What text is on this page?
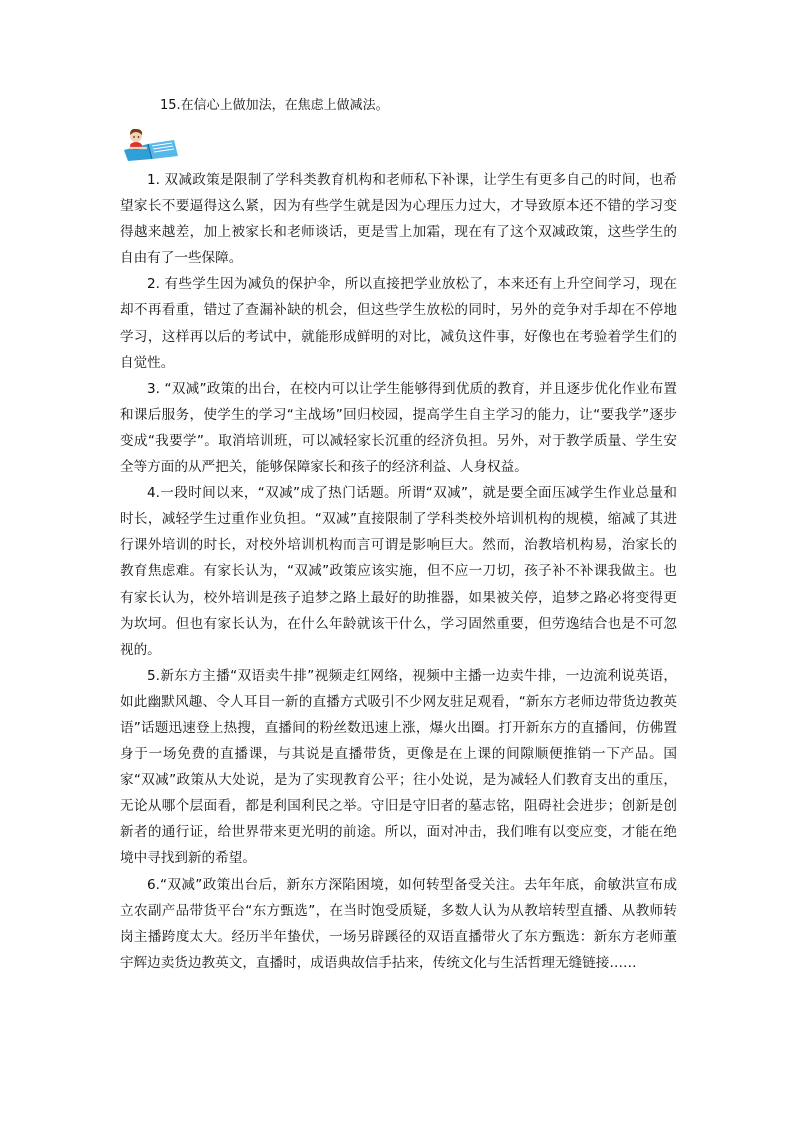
15.在信心上做加法，在焦虑上做减法。

1. 双减政策是限制了学科类教育机构和老师私下补课，让学生有更多自己的时间，也希望家长不要逼得这么紧，因为有些学生就是因为心理压力过大，才导致原本还不错的学习变得越来越差，加上被家长和老师谈话，更是雪上加霜，现在有了这个双减政策，这些学生的自由有了一些保障。

2. 有些学生因为减负的保护伞，所以直接把学业放松了，本来还有上升空间学习，现在却不再看重，错过了查漏补缺的机会，但这些学生放松的同时，另外的竞争对手却在不停地学习，这样再以后的考试中，就能形成鲜明的对比，减负这件事，好像也在考验着学生们的自觉性。

3. “双减”政策的出台，在校内可以让学生能够得到优质的教育，并且逐步优化作业布置和课后服务，使学生的学习“主战场”回归校园，提高学生自主学习的能力，让“要我学”逐步变成“我要学”。取消培训班，可以减轻家长沉重的经济负担。另外，对于教学质量、学生安全等方面的从严把关，能够保障家长和孩子的经济利益、人身权益。

4.一段时间以来，“双减”成了热门话题。所谓“双减”，就是要全面压减学生作业总量和时长，减轻学生过重作业负担。“双减”直接限制了学科类校外培训机构的规模，缩减了其进行课外培训的时长，对校外培训机构而言可谓是影响巨大。然而，治教培机构易，治家长的教育焦虑难。有家长认为，“双减”政策应该实施，但不应一刀切，孩子补不补课我做主。也有家长认为，校外培训是孩子追梦之路上最好的助推器，如果被关停，追梦之路必将变得更为坎坷。但也有家长认为，在什么年龄就该干什么，学习固然重要，但劳逸结合也是不可忽视的。

5.新东方主播“双语卖牛排”视频走红网络，视频中主播一边卖牛排，一边流利说英语，如此幽默风趣、令人耳目一新的直播方式吸引不少网友驻足观看，“新东方老师边带货边教英语”话题迅速登上热搜，直播间的粉丝数迅速上涨，爆火出圈。打开新东方的直播间，仿佛置身于一场免费的直播课，与其说是直播带货，更像是在上课的间隙顺便推销一下产品。国家“双减”政策从大处说，是为了实现教育公平；往小处说，是为减轻人们教育支出的重压，无论从哪个层面看，都是利国利民之举。守旧是守旧者的墓志铭，阻碍社会进步；创新是创新者的通行证，给世界带来更光明的前途。所以，面对冲击，我们唯有以变应变，才能在绝境中寻找到新的希望。

6.“双减”政策出台后，新东方深陷困境，如何转型备受关注。去年年底，俞敏洪宣布成立农副产品带货平台“东方甄选”，在当时饱受质疑，多数人认为从教培转型直播、从教师转岗主播跨度太大。经历半年蛰伏，一场另辟蹊径的双语直播带火了东方甄选：新东方老师董宇辉边卖货边教英文，直播时，成语典故信手拈来，传统文化与生活哲理无缝链接……
